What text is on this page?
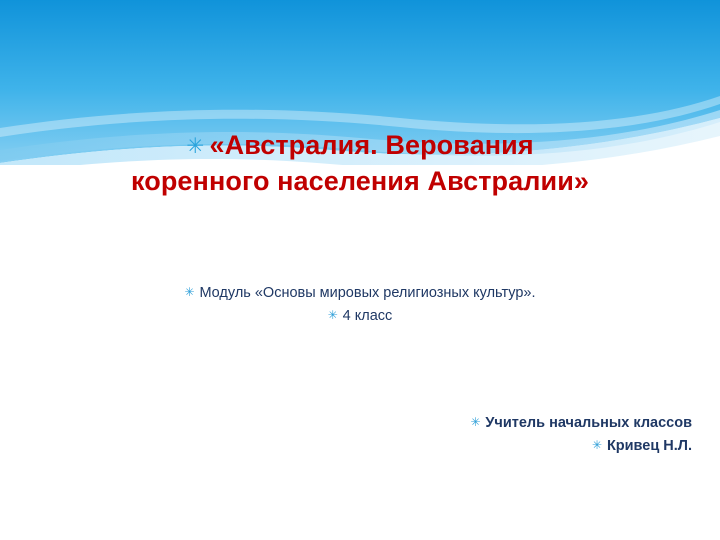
✳ «Австралия. Верования
коренного населения Австралии»
✳ Модуль «Основы мировых религиозных культур».
✳ 4 класс
✳ Учитель начальных классов
✳ Кривец Н.Л.
